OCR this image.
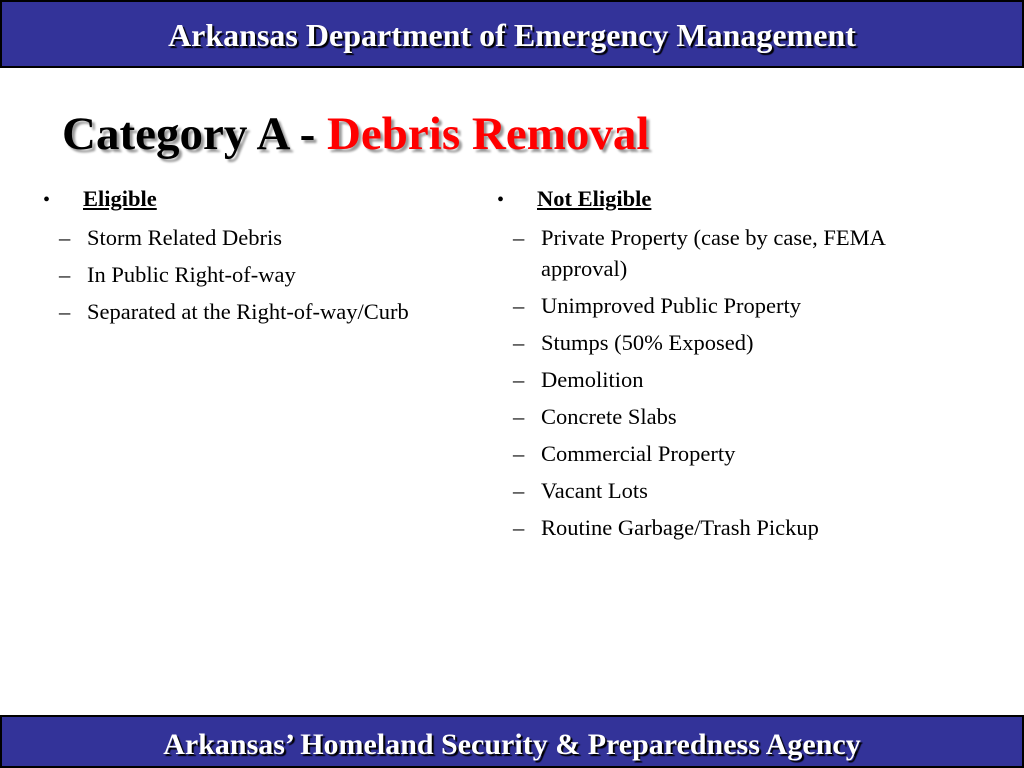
Arkansas Department of Emergency Management
Category A - Debris Removal
•	Eligible
– Storm Related Debris
– In Public Right-of-way
– Separated at the Right-of-way/Curb
•	Not Eligible
– Private Property (case by case, FEMA approval)
– Unimproved Public Property
– Stumps (50% Exposed)
– Demolition
– Concrete Slabs
– Commercial Property
– Vacant Lots
– Routine Garbage/Trash Pickup
Arkansas’ Homeland Security & Preparedness Agency
